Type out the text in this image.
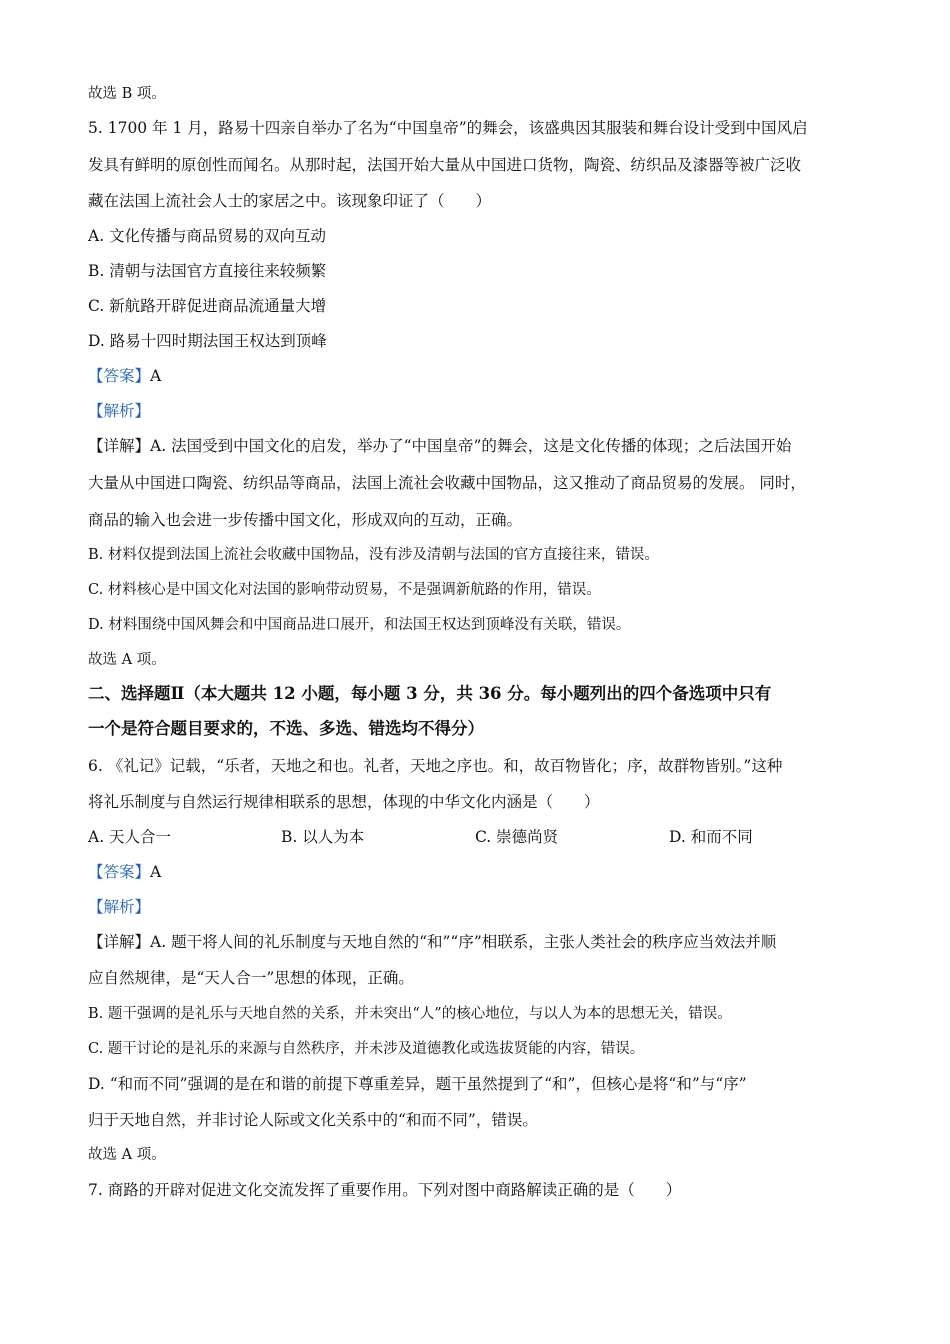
故选 B 项。
5. 1700 年 1 月，路易十四亲自举办了名为“中国皇帝”的舞会，该盛典因其服装和舞台设计受到中国风启
发具有鲜明的原创性而闻名。从那时起，法国开始大量从中国进口货物，陶瓷、纺织品及漆器等被广泛收
藏在法国上流社会人士的家居之中。该现象印证了（　　）
A. 文化传播与商品贸易的双向互动
B. 清朝与法国官方直接往来较频繁
C. 新航路开辟促进商品流通量大增
D. 路易十四时期法国王权达到顶峰
【答案】A
【解析】
【详解】A. 法国受到中国文化的启发，举办了“中国皇帝”的舞会，这是文化传播的体现；之后法国开始
大量从中国进口陶瓷、纺织品等商品，法国上流社会收藏中国物品，这又推动了商品贸易的发展。 同时，
商品的输入也会进一步传播中国文化，形成双向的互动，正确。
B. 材料仅提到法国上流社会收藏中国物品，没有涉及清朝与法国的官方直接往来，错误。
C. 材料核心是中国文化对法国的影响带动贸易，不是强调新航路的作用，错误。
D. 材料围绕中国风舞会和中国商品进口展开，和法国王权达到顶峰没有关联，错误。
故选 A 项。
二、选择题Ⅱ（本大题共 12 小题，每小题 3 分，共 36 分。每小题列出的四个备选项中只有
一个是符合题目要求的，不选、多选、错选均不得分）
6. 《礼记》记载，“乐者，天地之和也。礼者，天地之序也。和，故百物皆化；序，故群物皆别。”这种
将礼乐制度与自然运行规律相联系的思想，体现的中华文化内涵是（　　）
A. 天人合一	B. 以人为本	C. 崇德尚贤	D. 和而不同
【答案】A
【解析】
【详解】A. 题干将人间的礼乐制度与天地自然的“和”“序”相联系，主张人类社会的秩序应当效法并顺
应自然规律，是“天人合一”思想的体现，正确。
B. 题干强调的是礼乐与天地自然的关系，并未突出“人”的核心地位，与以人为本的思想无关，错误。
C. 题干讨论的是礼乐的来源与自然秩序，并未涉及道德教化或选拔贤能的内容，错误。
D. “和而不同”强调的是在和谐的前提下尊重差异，题干虽然提到了“和”，但核心是将“和”与“序”
归于天地自然，并非讨论人际或文化关系中的“和而不同”，错误。
故选 A 项。
7. 商路的开辟对促进文化交流发挥了重要作用。下列对图中商路解读正确的是（　　）
